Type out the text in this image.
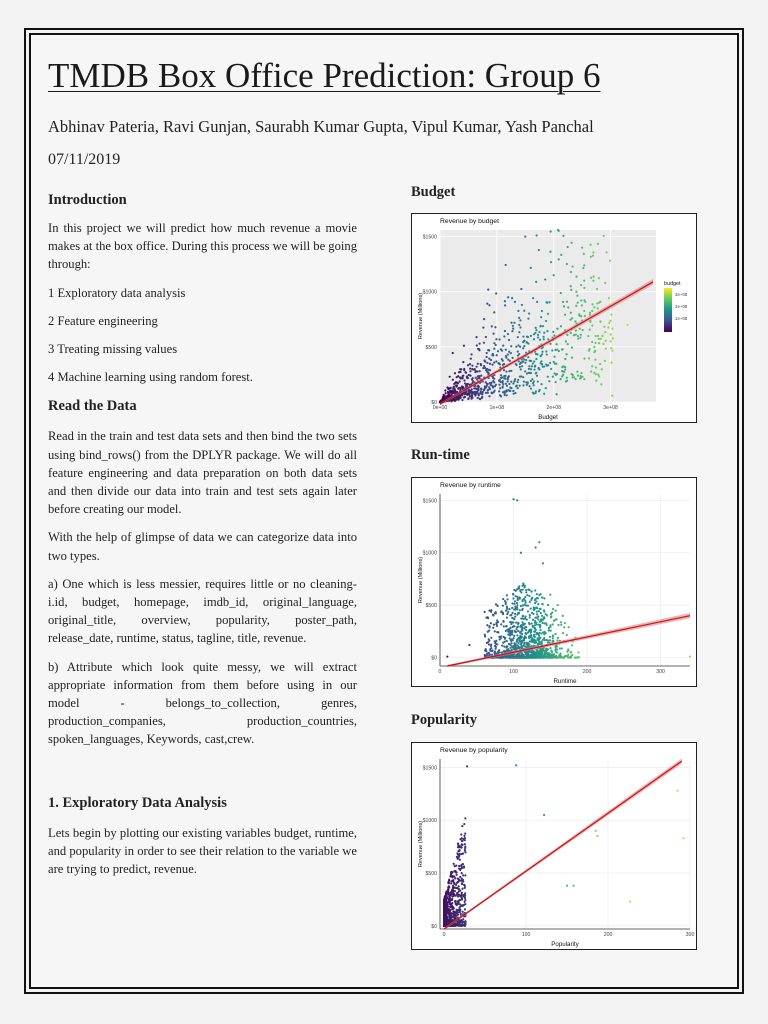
TMDB Box Office Prediction: Group 6
Abhinav Pateria, Ravi Gunjan, Saurabh Kumar Gupta, Vipul Kumar, Yash Panchal
07/11/2019
Introduction

In this project we will predict how much revenue a movie makes at the box office. During this process we will be going through:

1 Exploratory data analysis

2 Feature engineering

3 Treating missing values

4 Machine learning using random forest.

Read the Data

Read in the train and test data sets and then bind the two sets using bind_rows() from the DPLYR package. We will do all feature engineering and data preparation on both data sets and then divide our data into train and test sets again later before creating our model.

With the help of glimpse of data we can categorize data into two types.

a) One which is less messier, requires little or no cleaning-i.id, budget, homepage, imdb_id, original_language, original_title, overview, popularity, poster_path, release_date, runtime, status, tagline, title, revenue.

b) Attribute which look quite messy, we will extract appropriate information from them before using in our model - belongs_to_collection, genres, production_companies, production_countries, spoken_languages, Keywords, cast,crew.

1. Exploratory Data Analysis

Lets begin by plotting our existing variables budget, runtime, and popularity in order to see their relation to the variable we are trying to predict, revenue.

Budget
$0
$500
$1000
$1500
0e+00	1e+08	2e+08	3e+08
Revenue by budget
Budget
Revenue (Millions)
budget
3e+08
2e+08
1e+08
Run-time
$0
$500
$1000
$1500
0	100	200	300
Revenue by runtime
Runtime
Revenue (Millions)
Popularity
$0
$500
$1000
$1500
0	100	200	300
Revenue by popularity
Popularity
Revenue (Millions)
